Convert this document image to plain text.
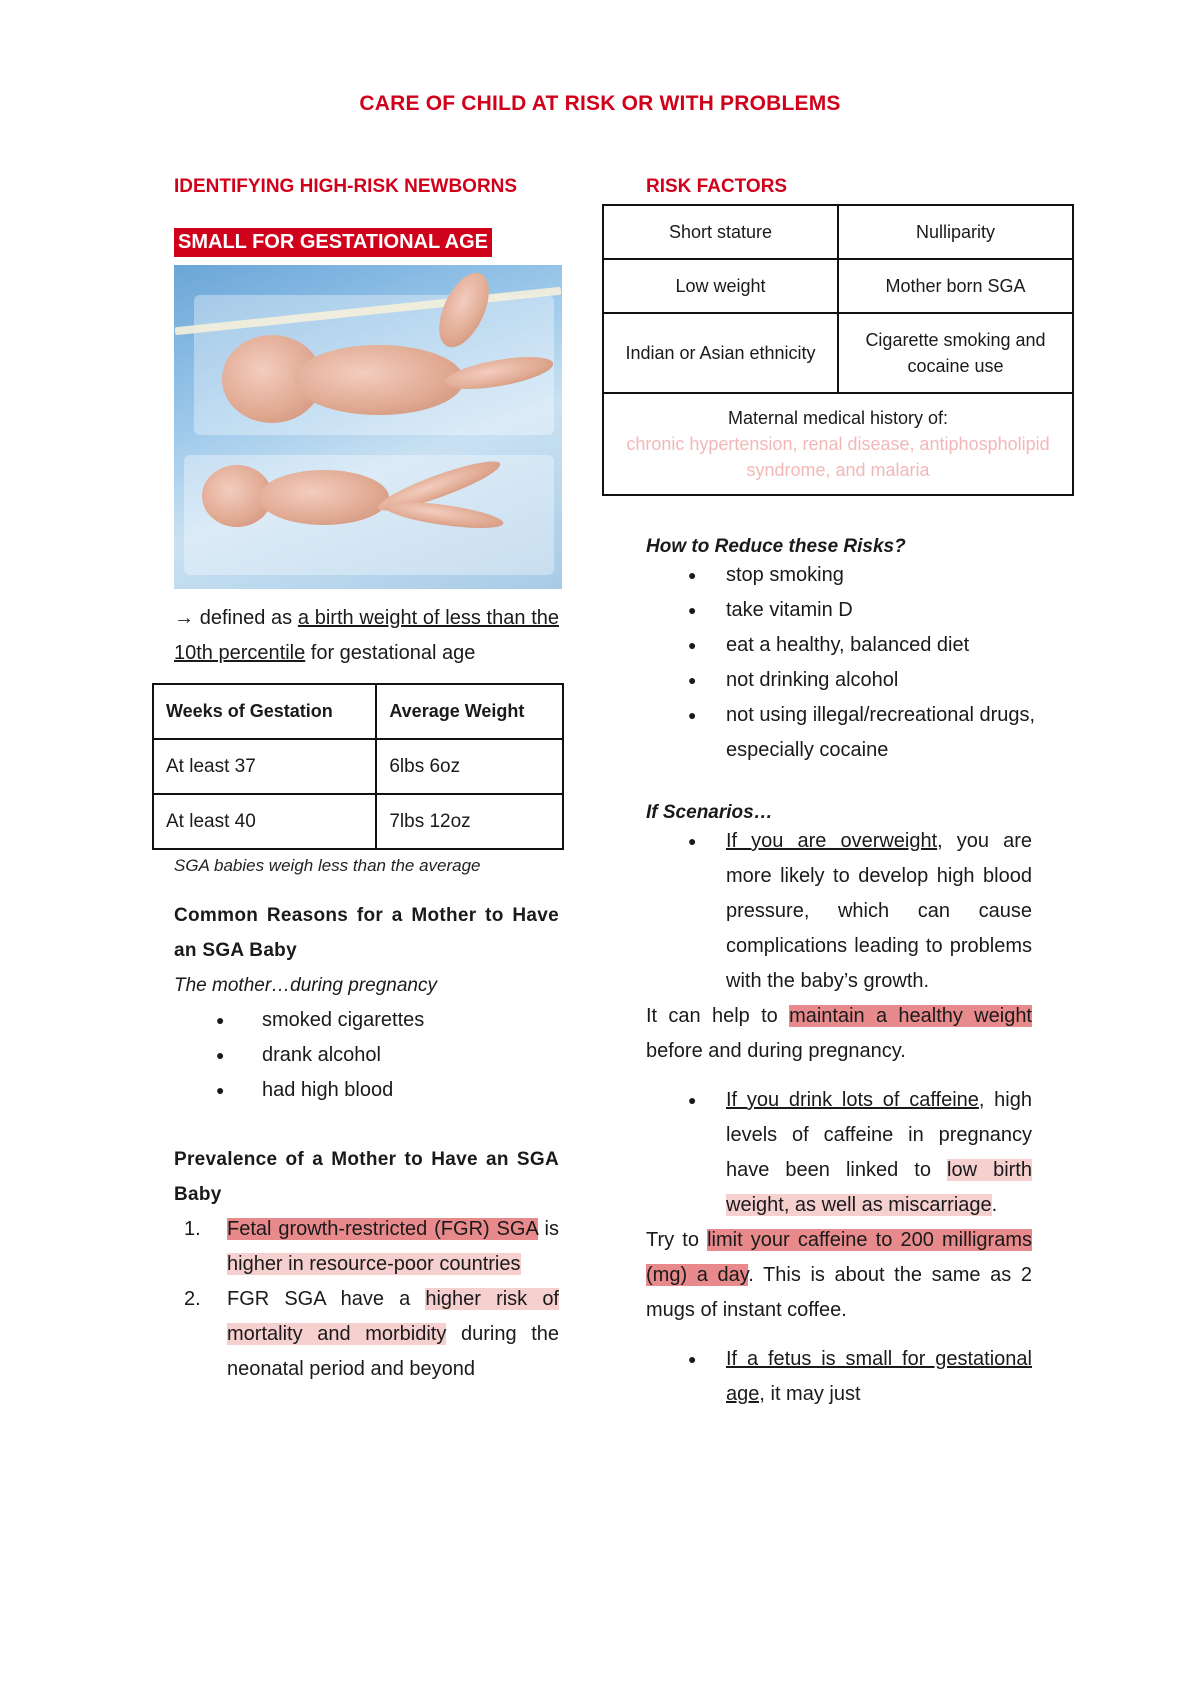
CARE OF CHILD AT RISK OR WITH PROBLEMS
IDENTIFYING HIGH-RISK NEWBORNS
SMALL FOR GESTATIONAL AGE
→ defined as a birth weight of less than the 10th percentile for gestational age
Weeks of Gestation	Average Weight
At least 37	6lbs 6oz
At least 40	7lbs 12oz
SGA babies weigh less than the average
Common Reasons for a Mother to Have an SGA Baby
The mother…during pregnancy
● smoked cigarettes
● drank alcohol
● had high blood
Prevalence of a Mother to Have an SGA Baby
1. Fetal growth-restricted (FGR) SGA is higher in resource-poor countries
2. FGR SGA have a higher risk of mortality and morbidity during the neonatal period and beyond
RISK FACTORS
Short stature	Nulliparity
Low weight	Mother born SGA
Indian or Asian ethnicity	Cigarette smoking and cocaine use

Maternal medical history of:
chronic hypertension, renal disease, antiphospholipid syndrome, and malaria	
How to Reduce these Risks?
● stop smoking
● take vitamin D
● eat a healthy, balanced diet
● not drinking alcohol
● not using illegal/recreational drugs, especially cocaine
If Scenarios…
● If you are overweight, you are more likely to develop high blood pressure, which can cause complications leading to problems with the baby’s growth.
It can help to maintain a healthy weight before and during pregnancy.
● If you drink lots of caffeine, high levels of caffeine in pregnancy have been linked to low birth weight, as well as miscarriage.
Try to limit your caffeine to 200 milligrams (mg) a day. This is about the same as 2 mugs of instant coffee.
● If a fetus is small for gestational age, it may just
